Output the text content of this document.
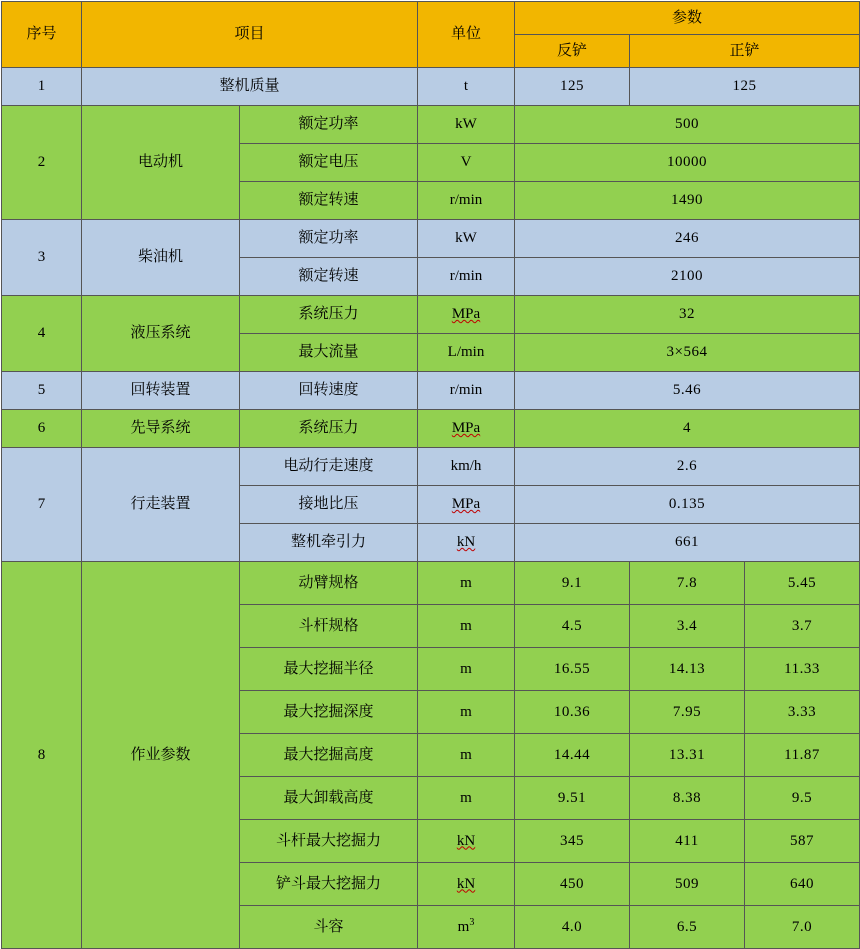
序号	项目		单位	参数		
				反铲	正铲	
1	整机质量		t	125	125	
2	电动机	额定功率	kW	500		
		额定电压	V	10000		
		额定转速	r/min	1490		
3	柴油机	额定功率	kW	246		
		额定转速	r/min	2100		
4	液压系统	系统压力	MPa	32		
		最大流量	L/min	3×564		
5	回转装置	回转速度	r/min	5.46		
6	先导系统	系统压力	MPa	4		
7	行走装置	电动行走速度	km/h	2.6		
		接地比压	MPa	0.135		
		整机牵引力	kN	661		
8	作业参数	动臂规格	m	9.1	7.8	5.45
		斗杆规格	m	4.5	3.4	3.7
		最大挖掘半径	m	16.55	14.13	11.33
		最大挖掘深度	m	10.36	7.95	3.33
		最大挖掘高度	m	14.44	13.31	11.87
		最大卸载高度	m	9.51	8.38	9.5
		斗杆最大挖掘力	kN	345	411	587
		铲斗最大挖掘力	kN	450	509	640
		斗容	$m^3$	4.0	6.5	7.0
